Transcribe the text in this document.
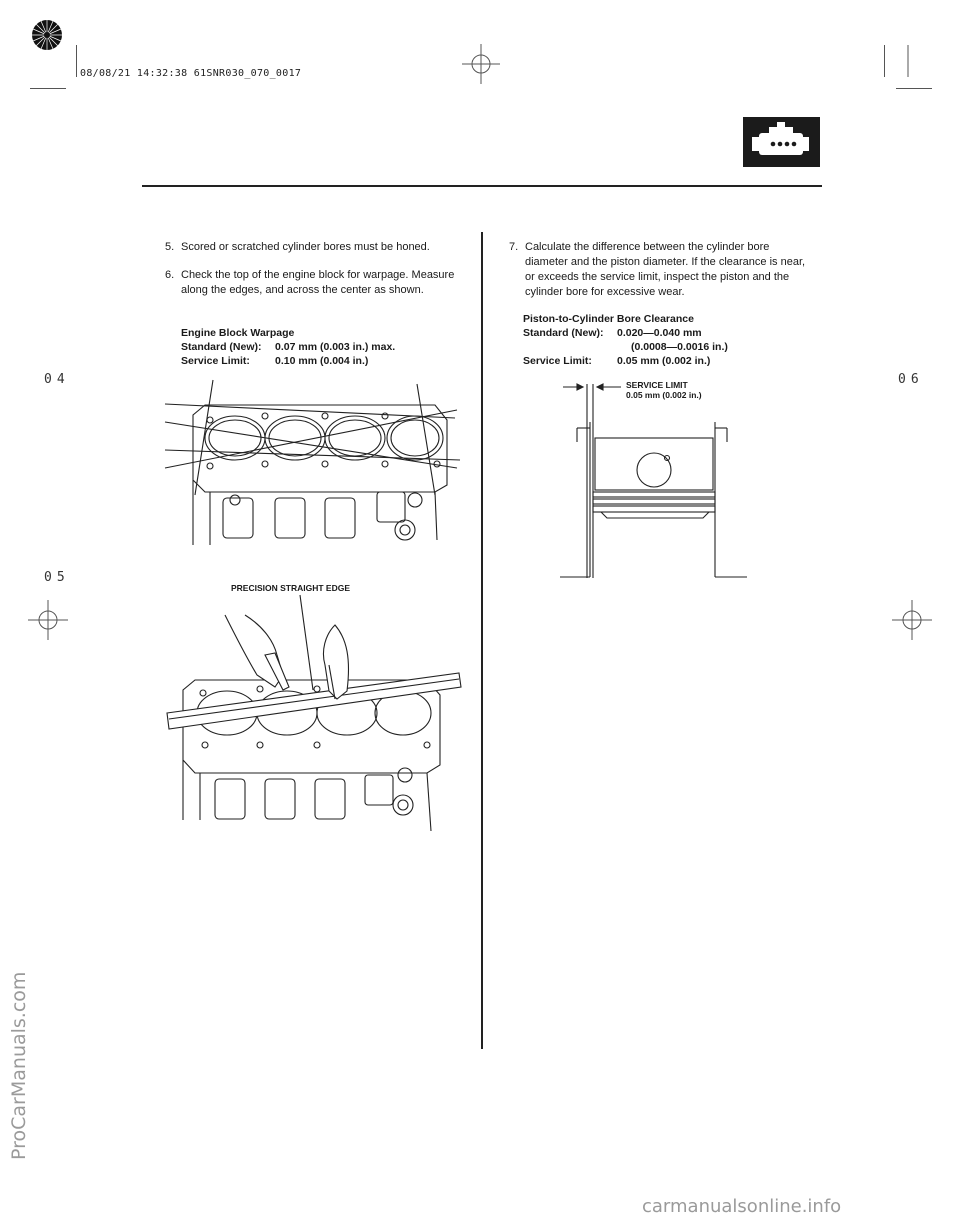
08/08/21 14:32:38 61SNR030_070_0017
04	06
05
5. Scored or scratched cylinder bores must be honed.
6. Check the top of the engine block for warpage. Measure along the edges, and across the center as shown.
Engine Block Warpage
Standard (New): 0.07 mm (0.003 in.) max.
Service Limit: 0.10 mm (0.004 in.)
PRECISION STRAIGHT EDGE
7. Calculate the difference between the cylinder bore diameter and the piston diameter. If the clearance is near, or exceeds the service limit, inspect the piston and the cylinder bore for excessive wear.
Piston-to-Cylinder Bore Clearance
Standard (New): 0.020—0.040 mm
(0.0008—0.0016 in.)
Service Limit: 0.05 mm (0.002 in.)
SERVICE LIMIT
0.05 mm (0.002 in.)
ProCarManuals.com
carmanualsonline.info
